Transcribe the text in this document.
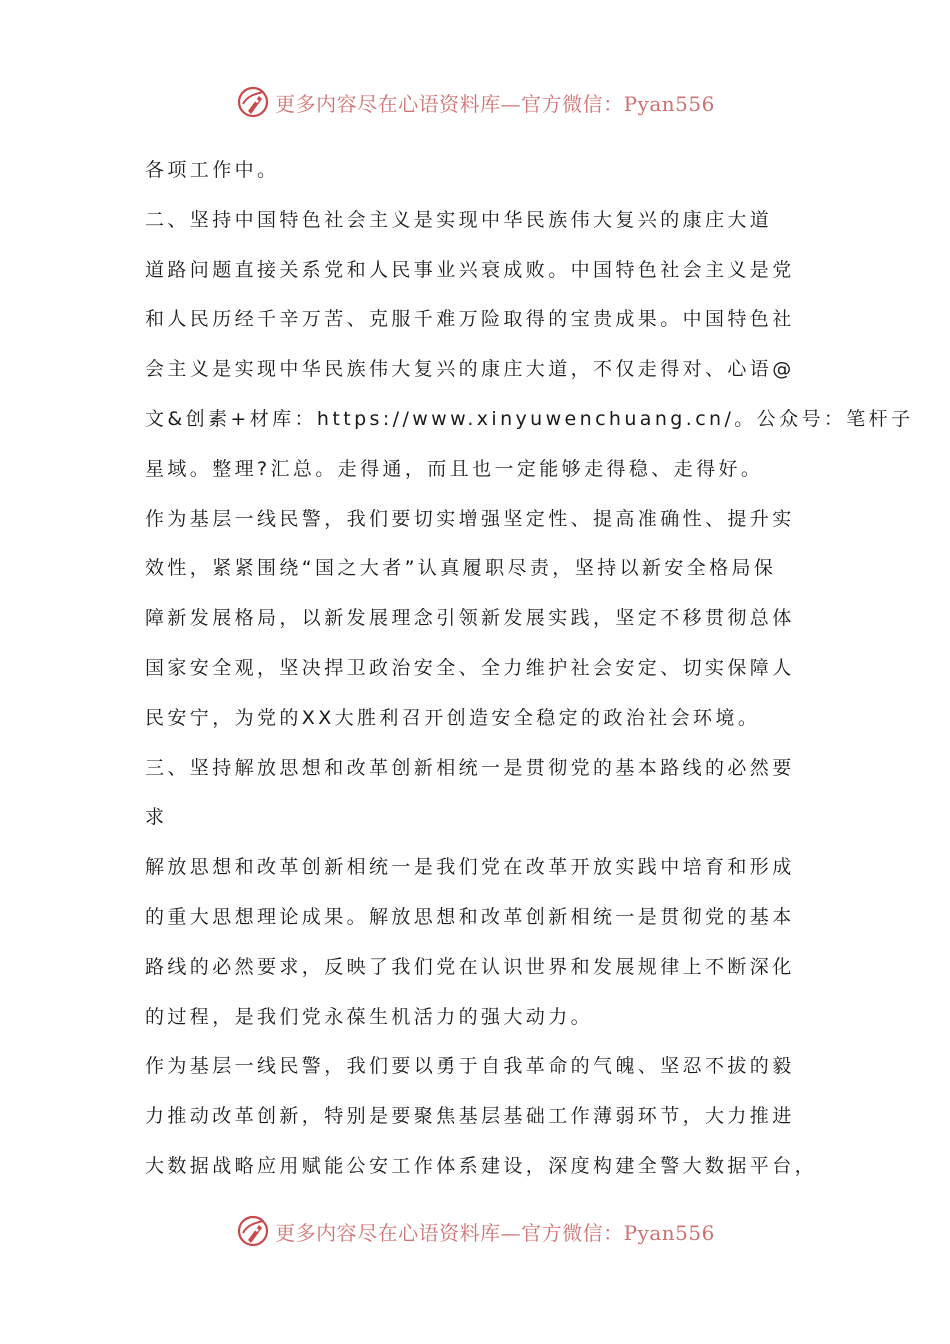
更多内容尽在心语资料库—官方微信：Pyan556
各项工作中。
二、坚持中国特色社会主义是实现中华民族伟大复兴的康庄大道
道路问题直接关系党和人民事业兴衰成败。中国特色社会主义是党
和人民历经千辛万苦、克服千难万险取得的宝贵成果。中国特色社
会主义是实现中华民族伟大复兴的康庄大道，不仅走得对、心语@
文&创素+材库：https://www.xinyuwenchuang.cn/。公众号：笔杆子
星域。整理?汇总。走得通，而且也一定能够走得稳、走得好。
作为基层一线民警，我们要切实增强坚定性、提高准确性、提升实
效性，紧紧围绕“国之大者”认真履职尽责，坚持以新安全格局保
障新发展格局，以新发展理念引领新发展实践，坚定不移贯彻总体
国家安全观，坚决捍卫政治安全、全力维护社会安定、切实保障人
民安宁，为党的XX大胜利召开创造安全稳定的政治社会环境。
三、坚持解放思想和改革创新相统一是贯彻党的基本路线的必然要
求
解放思想和改革创新相统一是我们党在改革开放实践中培育和形成
的重大思想理论成果。解放思想和改革创新相统一是贯彻党的基本
路线的必然要求，反映了我们党在认识世界和发展规律上不断深化
的过程，是我们党永葆生机活力的强大动力。
作为基层一线民警，我们要以勇于自我革命的气魄、坚忍不拔的毅
力推动改革创新，特别是要聚焦基层基础工作薄弱环节，大力推进
大数据战略应用赋能公安工作体系建设，深度构建全警大数据平台，
更多内容尽在心语资料库—官方微信：Pyan556
